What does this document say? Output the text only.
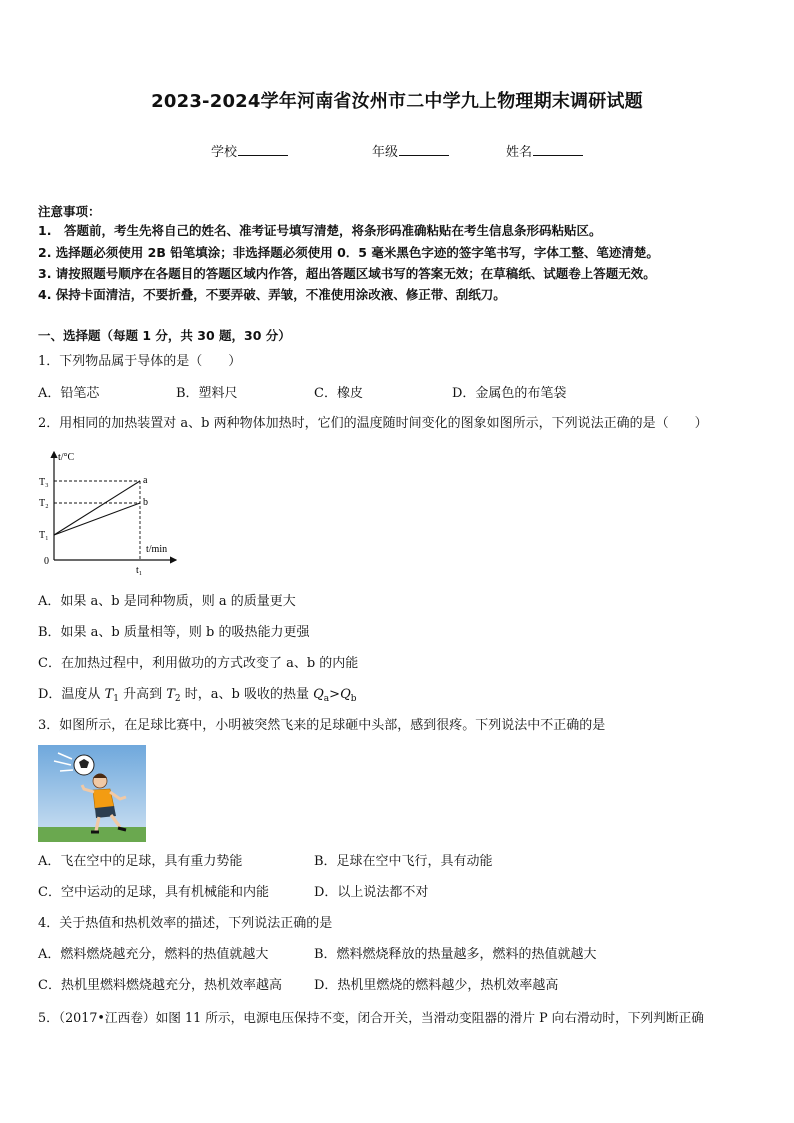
2023-2024学年河南省汝州市二中学九上物理期末调研试题
学校	年级	姓名
注意事项：
1.　答题前，考生先将自己的姓名、准考证号填写清楚，将条形码准确粘贴在考生信息条形码粘贴区。
2. 选择题必须使用 2B 铅笔填涂；非选择题必须使用 0．5 毫米黑色字迹的签字笔书写，字体工整、笔迹清楚。
3. 请按照题号顺序在各题目的答题区域内作答，超出答题区域书写的答案无效；在草稿纸、试题卷上答题无效。
4. 保持卡面清洁，不要折叠，不要弄破、弄皱，不准使用涂改液、修正带、刮纸刀。
一、选择题（每题 1 分，共 30 题，30 分）
1．下列物品属于导体的是（　　）
A．铅笔芯	B．塑料尺	C．橡皮	D．金属色的布笔袋
2．用相同的加热装置对 a、b 两种物体加热时，它们的温度随时间变化的图象如图所示，下列说法正确的是（　　）
t/°C
t/min
0
T₃
T₂
T₁
t₁
a
b
A．如果 a、b 是同种物质，则 a 的质量更大
B．如果 a、b 质量相等，则 b 的吸热能力更强
C．在加热过程中，利用做功的方式改变了 a、b 的内能
D．温度从 $T_1$ 升高到 $T_2$ 时，a、b 吸收的热量 $Q_a>Q_b$
3．如图所示，在足球比赛中，小明被突然飞来的足球砸中头部，感到很疼。下列说法中不正确的是
A．飞在空中的足球，具有重力势能	B．足球在空中飞行，具有动能
C．空中运动的足球，具有机械能和内能	D．以上说法都不对
4．关于热值和热机效率的描述，下列说法正确的是
A．燃料燃烧越充分，燃料的热值就越大	B．燃料燃烧释放的热量越多，燃料的热值就越大
C．热机里燃料燃烧越充分，热机效率越高 D．热机里燃烧的燃料越少，热机效率越高
5．（2017•江西卷）如图 11 所示，电源电压保持不变，闭合开关，当滑动变阻器的滑片 P 向右滑动时，下列判断正确
